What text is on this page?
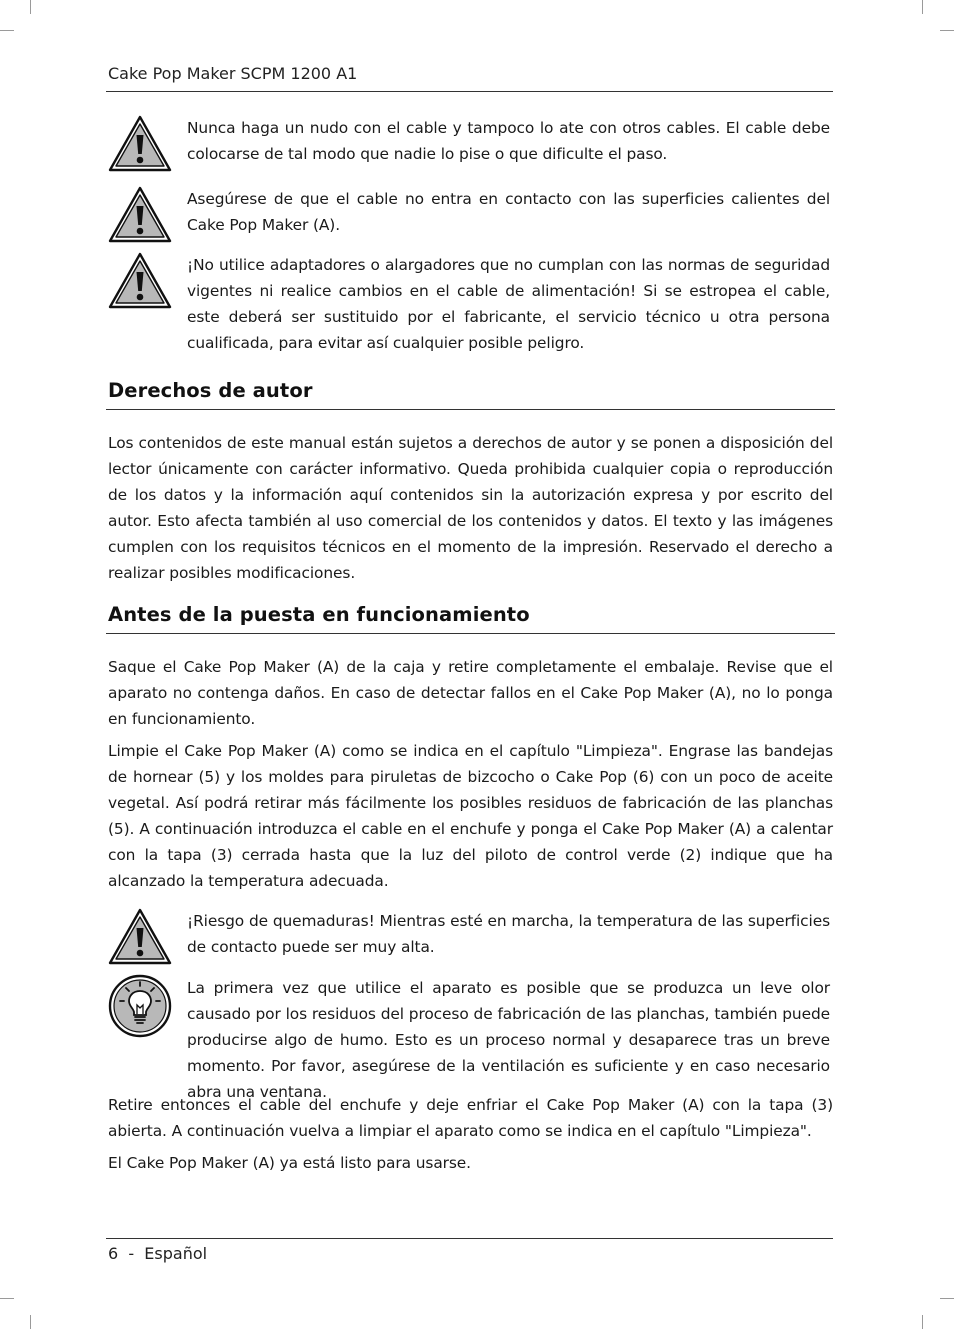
Cake Pop Maker SCPM 1200 A1

Nunca haga un nudo con el cable y tampoco lo ate con otros cables. El cable debe colocarse de tal modo que nadie lo pise o que dificulte el paso.

Asegúrese de que el cable no entra en contacto con las superficies calientes del Cake Pop Maker (A).

¡No utilice adaptadores o alargadores que no cumplan con las normas de seguridad vigentes ni realice cambios en el cable de alimentación! Si se estropea el cable, este deberá ser sustituido por el fabricante, el servicio técnico u otra persona cualificada, para evitar así cualquier posible peligro.

Derechos de autor

Los contenidos de este manual están sujetos a derechos de autor y se ponen a disposición del lector únicamente con carácter informativo. Queda prohibida cualquier copia o reproducción de los datos y la información aquí contenidos sin la autorización expresa y por escrito del autor. Esto afecta también al uso comercial de los contenidos y datos. El texto y las imágenes cumplen con los requisitos técnicos en el momento de la impresión. Reservado el derecho a realizar posibles modificaciones.

Antes de la puesta en funcionamiento

Saque el Cake Pop Maker (A) de la caja y retire completamente el embalaje. Revise que el aparato no contenga daños. En caso de detectar fallos en el Cake Pop Maker (A), no lo ponga en funcionamiento.

Limpie el Cake Pop Maker (A) como se indica en el capítulo "Limpieza". Engrase las bandejas de hornear (5) y los moldes para piruletas de bizcocho o Cake Pop (6) con un poco de aceite vegetal. Así podrá retirar más fácilmente los posibles residuos de fabricación de las planchas (5). A continuación introduzca el cable en el enchufe y ponga el Cake Pop Maker (A) a calentar con la tapa (3) cerrada hasta que la luz del piloto de control verde (2) indique que ha alcanzado la temperatura adecuada.

¡Riesgo de quemaduras! Mientras esté en marcha, la temperatura de las superficies de contacto puede ser muy alta.

La primera vez que utilice el aparato es posible que se produzca un leve olor causado por los residuos del proceso de fabricación de las planchas, también puede producirse algo de humo. Esto es un proceso normal y desaparece tras un breve momento. Por favor, asegúrese de la ventilación es suficiente y en caso necesario abra una ventana.

Retire entonces el cable del enchufe y deje enfriar el Cake Pop Maker (A) con la tapa (3) abierta. A continuación vuelva a limpiar el aparato como se indica en el capítulo "Limpieza".

El Cake Pop Maker (A) ya está listo para usarse.

6  -  Español
